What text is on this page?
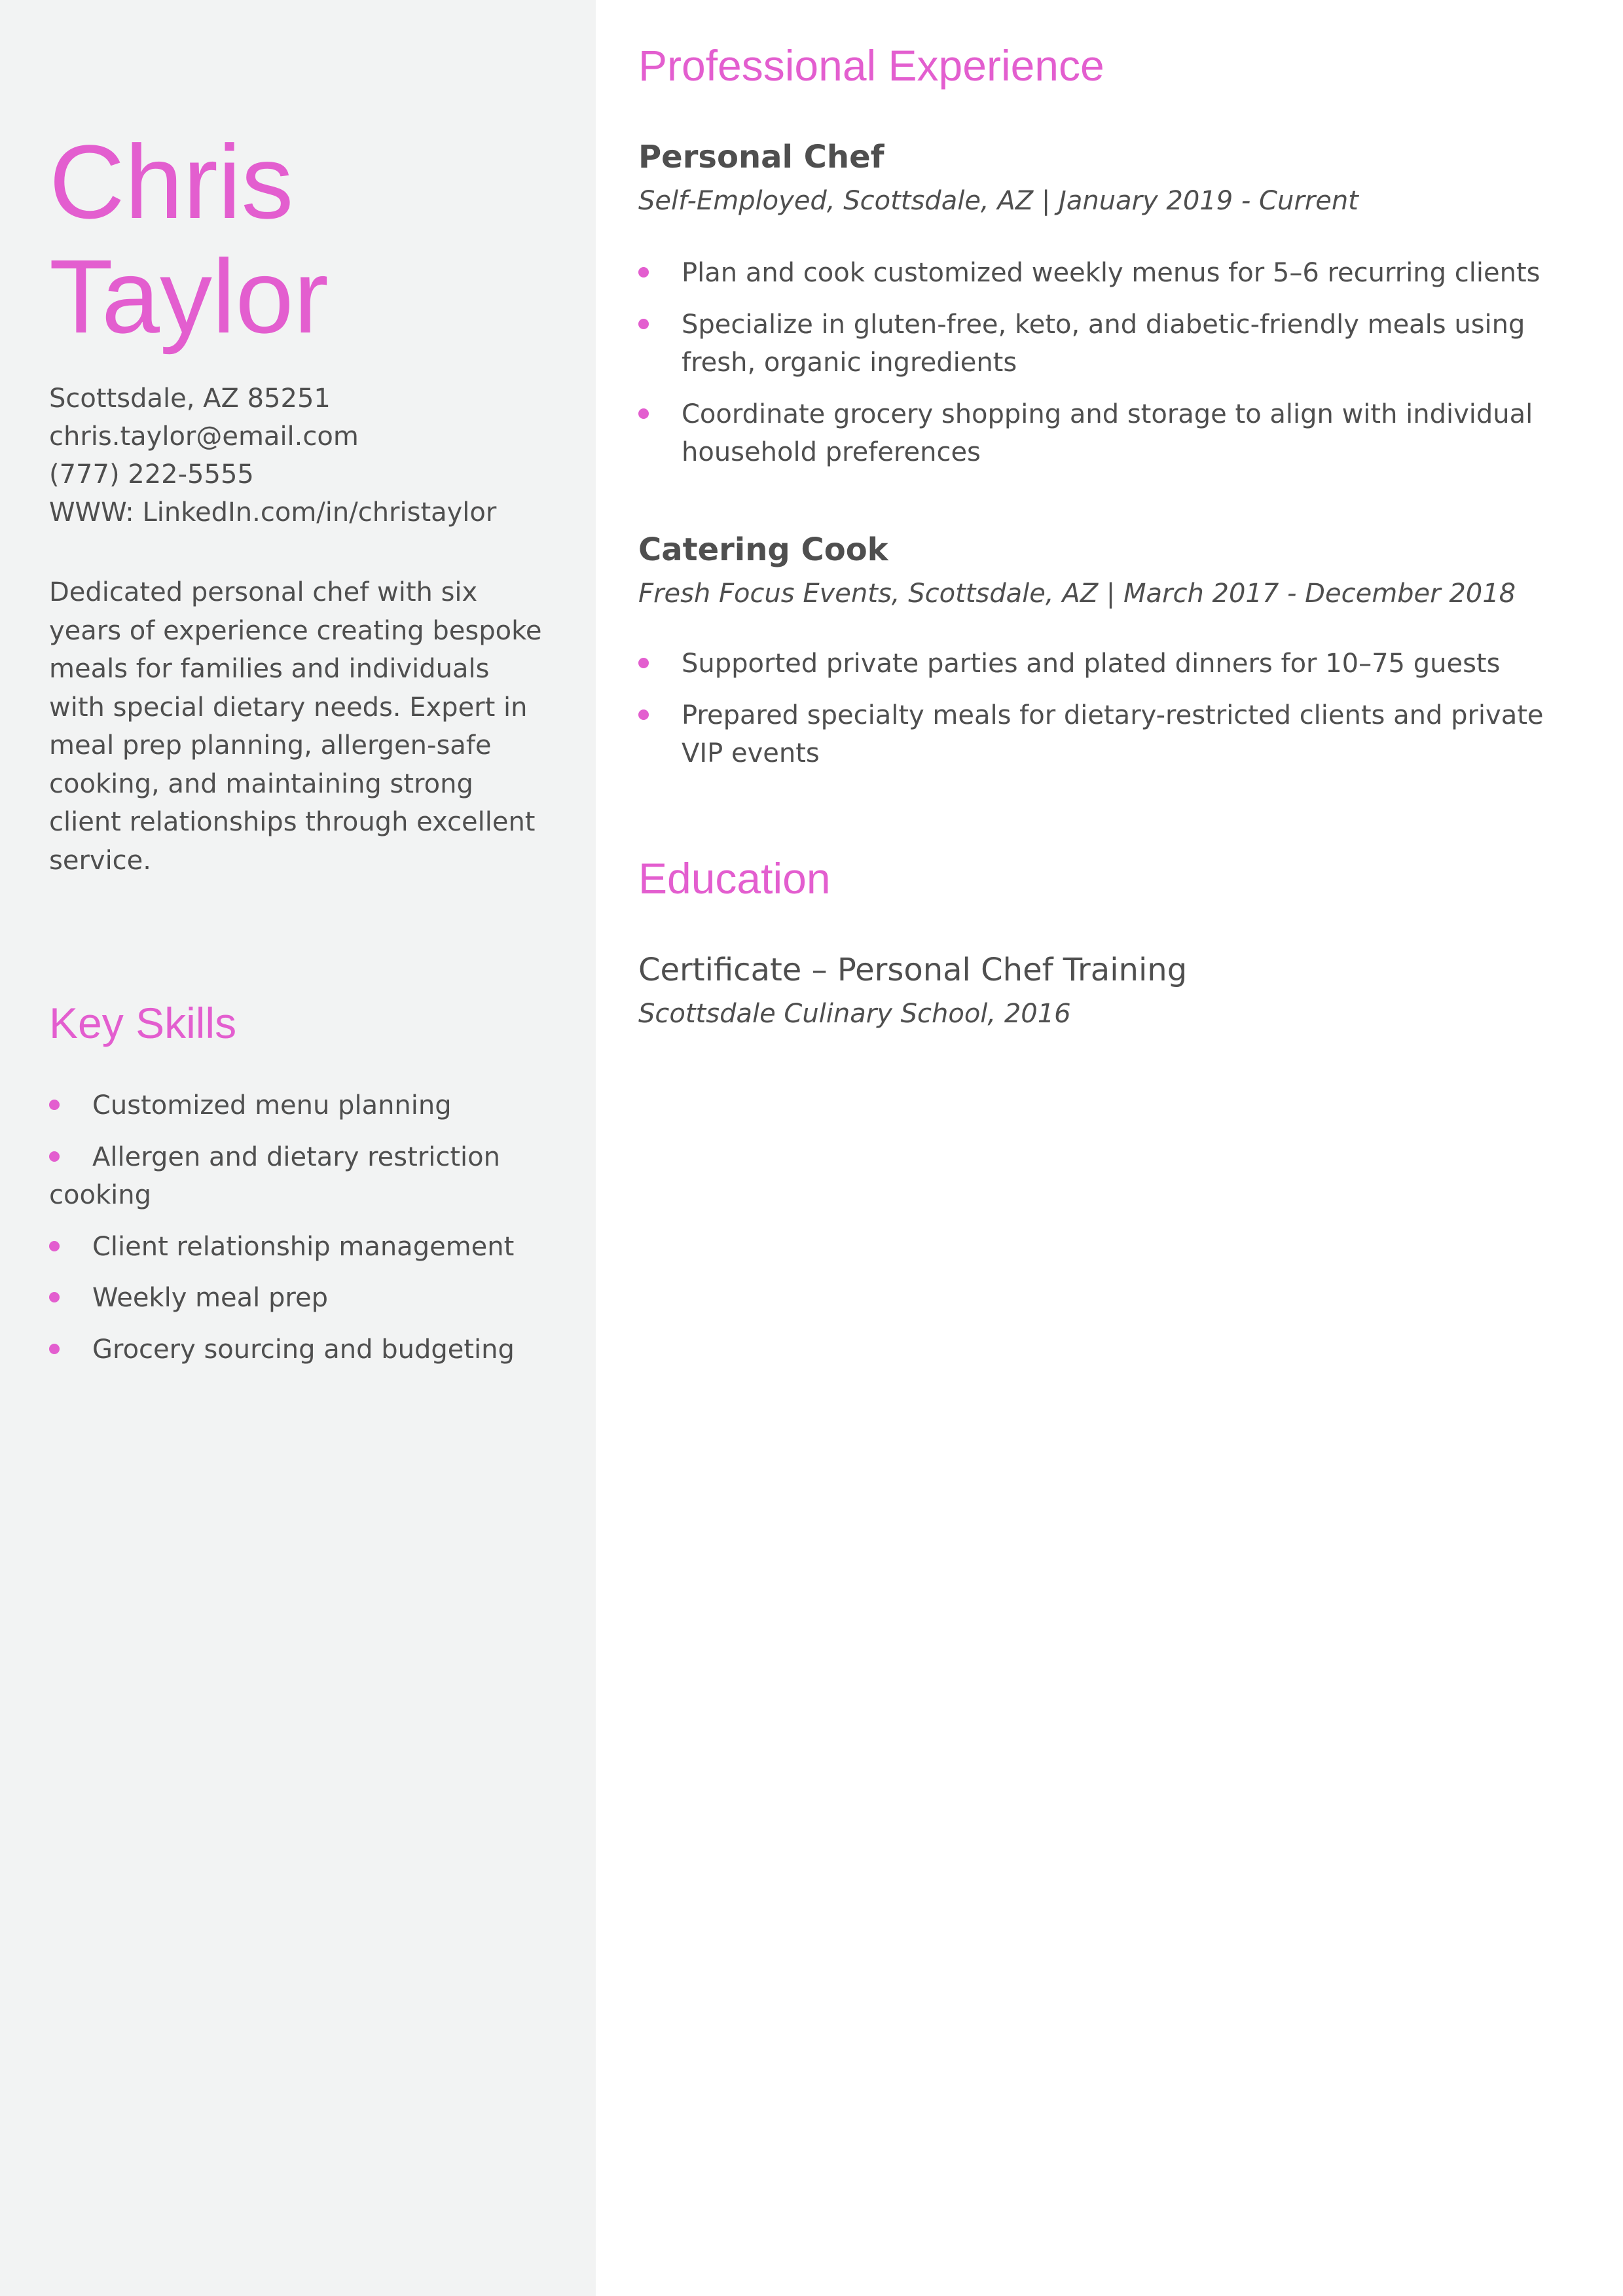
Chris
Taylor
Scottsdale, AZ 85251
chris.taylor@email.com
(777) 222-5555
WWW: LinkedIn.com/in/christaylor

Dedicated personal chef with six years of experience creating bespoke meals for families and individuals with special dietary needs. Expert in meal prep planning, allergen-safe cooking, and maintaining strong client relationships through excellent service.

Key Skills
Customized menu planning
Allergen and dietary restriction cooking
Client relationship management
Weekly meal prep
Grocery sourcing and budgeting
Professional Experience
Personal Chef

Self-Employed, Scottsdale, AZ | January 2019 - Current

Plan and cook customized weekly menus for 5–6 recurring clients
Specialize in gluten-free, keto, and diabetic-friendly meals using fresh, organic ingredients
Coordinate grocery shopping and storage to align with individual household preferences
Catering Cook

Fresh Focus Events, Scottsdale, AZ | March 2017 - December 2018

Supported private parties and plated dinners for 10–75 guests
Prepared specialty meals for dietary-restricted clients and private VIP events
Education
Certificate – Personal Chef Training

Scottsdale Culinary School, 2016
